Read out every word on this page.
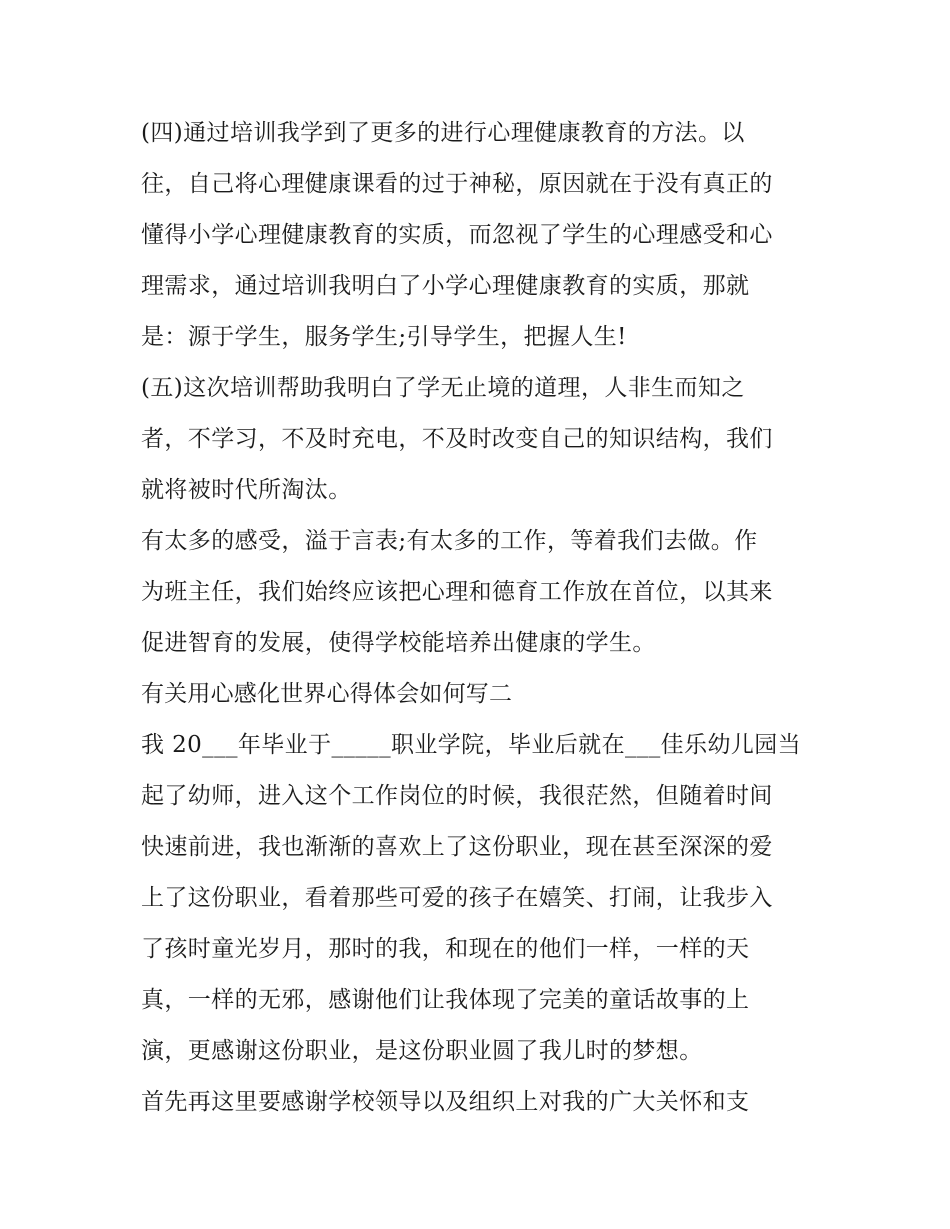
(四)通过培训我学到了更多的进行心理健康教育的方法。以
往，自己将心理健康课看的过于神秘，原因就在于没有真正的
懂得小学心理健康教育的实质，而忽视了学生的心理感受和心
理需求，通过培训我明白了小学心理健康教育的实质，那就
是：源于学生，服务学生;引导学生，把握人生!
(五)这次培训帮助我明白了学无止境的道理，人非生而知之
者，不学习，不及时充电，不及时改变自己的知识结构，我们
就将被时代所淘汰。
有太多的感受，溢于言表;有太多的工作，等着我们去做。作
为班主任，我们始终应该把心理和德育工作放在首位，以其来
促进智育的发展，使得学校能培养出健康的学生。
有关用心感化世界心得体会如何写二
我 20___年毕业于_____职业学院，毕业后就在___佳乐幼儿园当
起了幼师，进入这个工作岗位的时候，我很茫然，但随着时间
快速前进，我也渐渐的喜欢上了这份职业，现在甚至深深的爱
上了这份职业，看着那些可爱的孩子在嬉笑、打闹，让我步入
了孩时童光岁月，那时的我，和现在的他们一样，一样的天
真，一样的无邪，感谢他们让我体现了完美的童话故事的上
演，更感谢这份职业，是这份职业圆了我儿时的梦想。
首先再这里要感谢学校领导以及组织上对我的广大关怀和支
